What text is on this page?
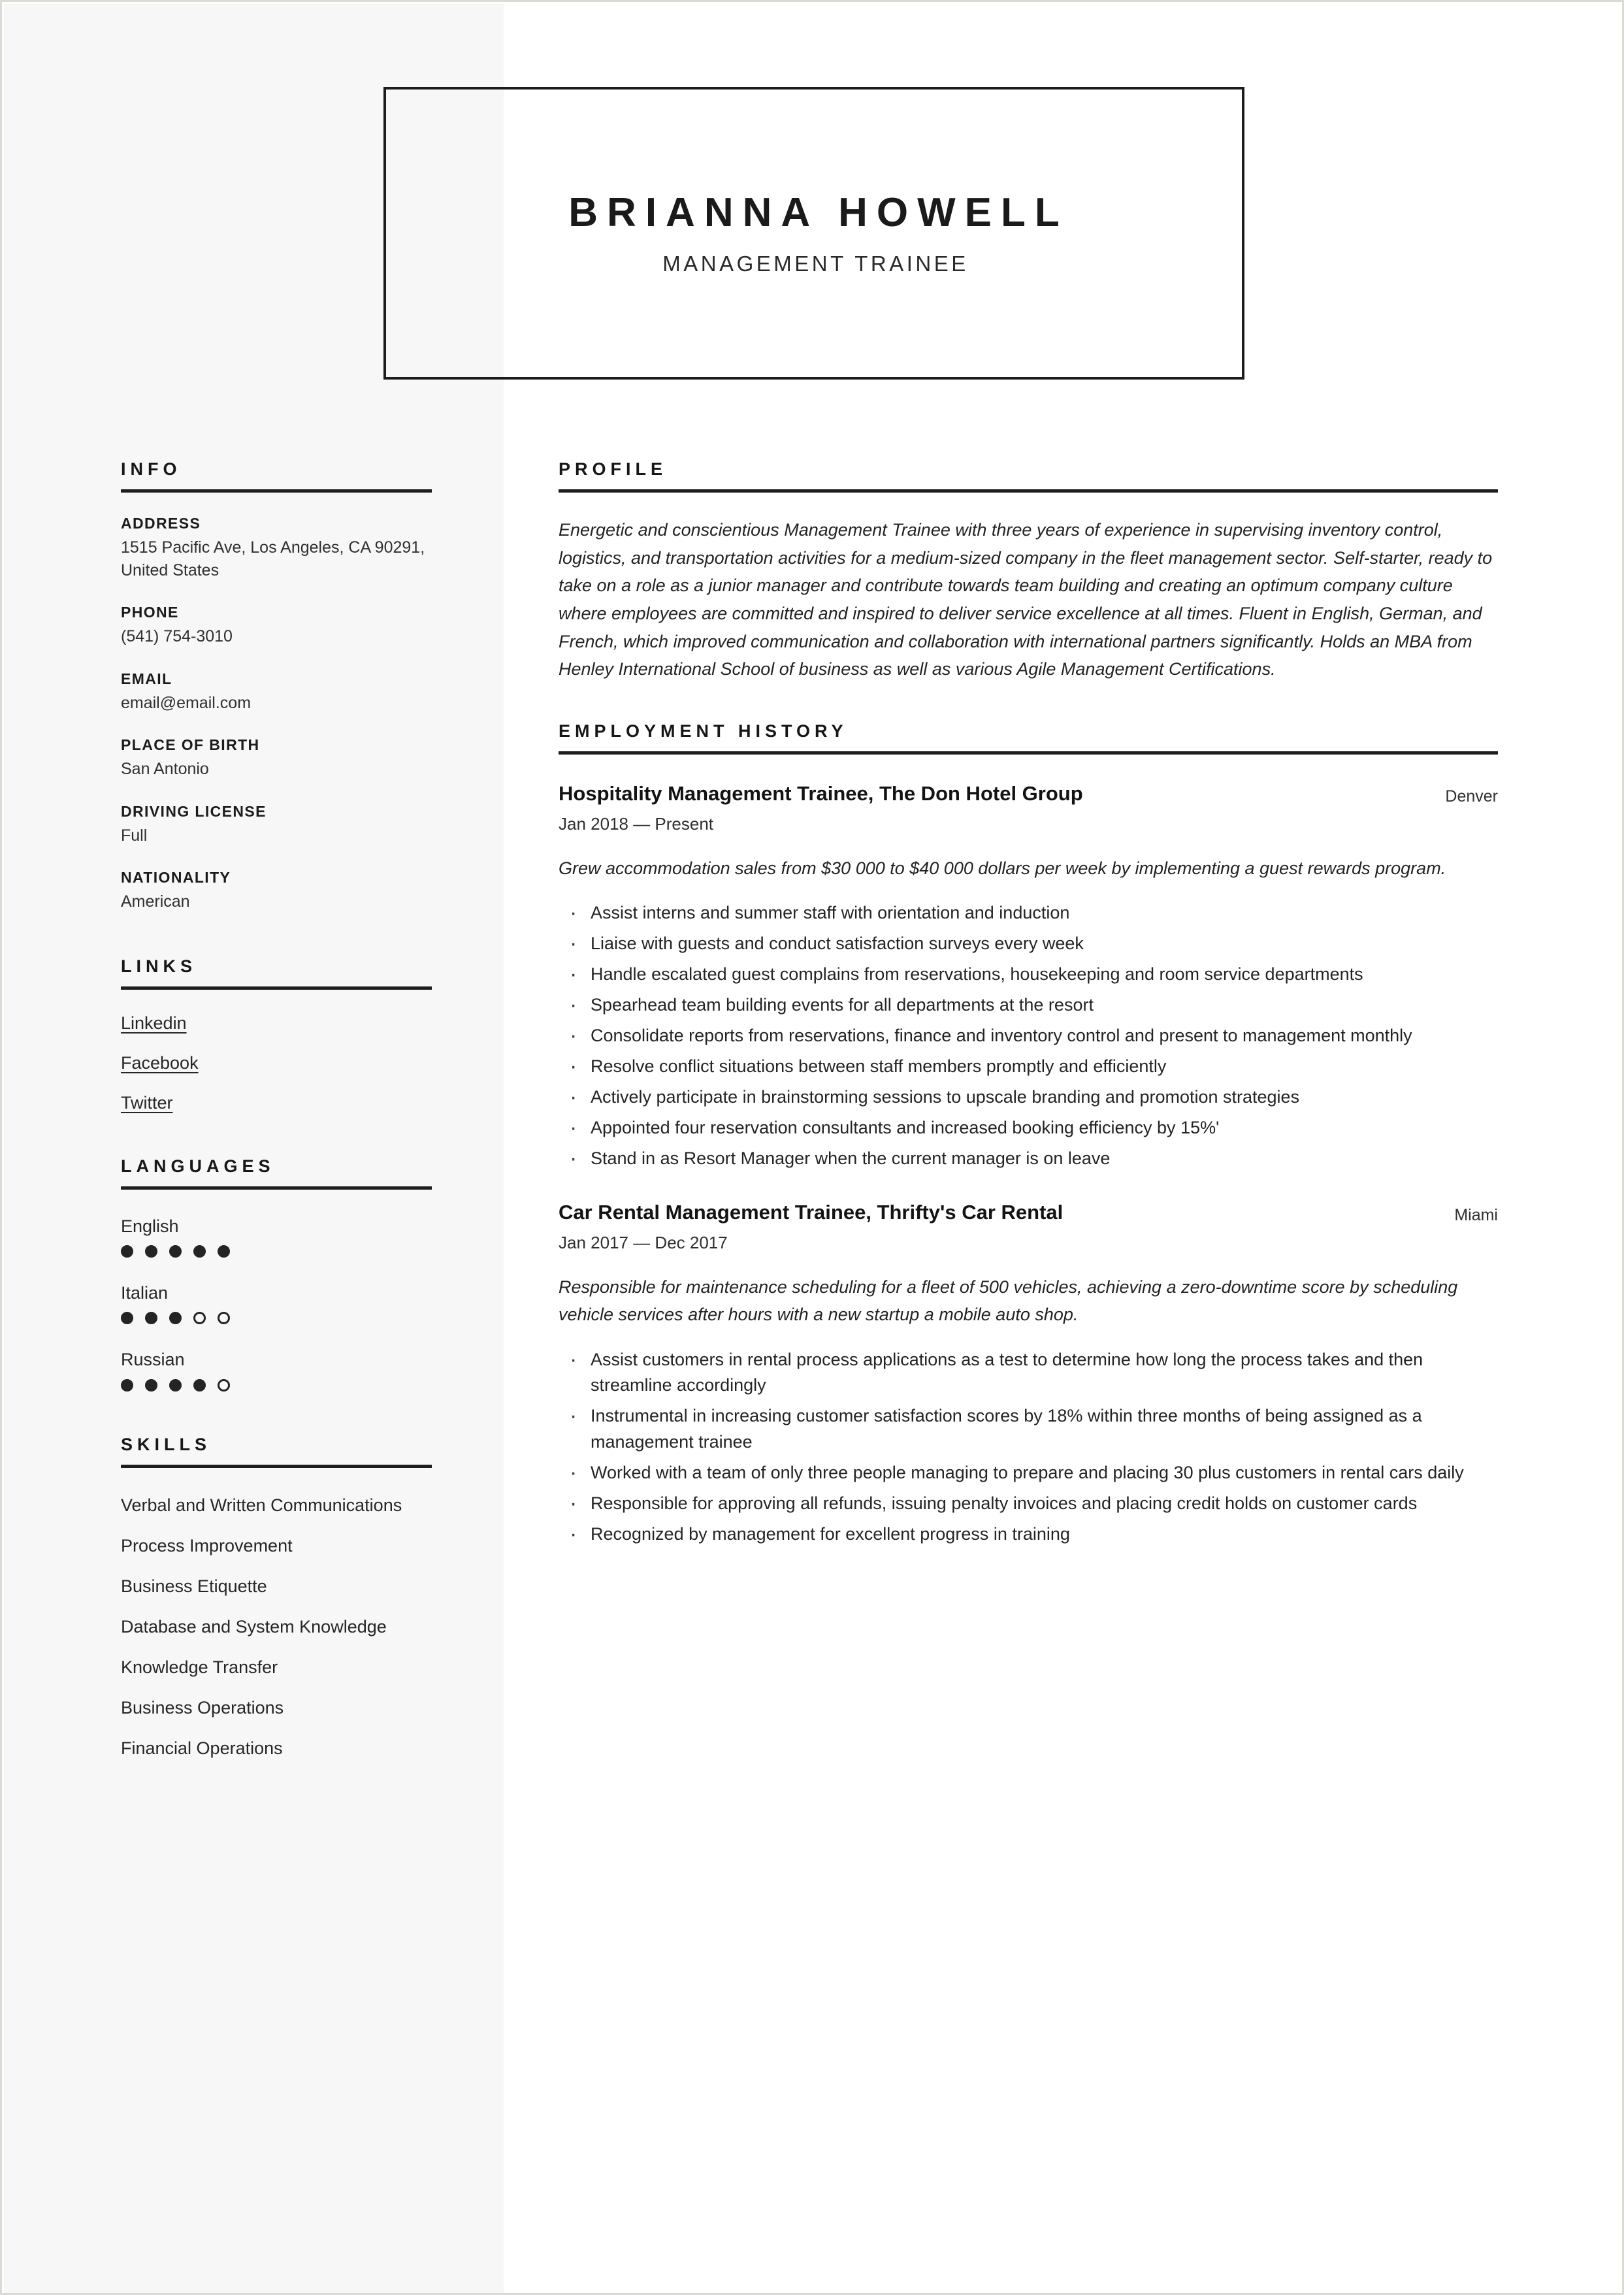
BRIANNA HOWELL
MANAGEMENT TRAINEE
INFO
ADDRESS
1515 Pacific Ave, Los Angeles, CA 90291, United States
PHONE
(541) 754-3010
EMAIL
email@email.com
PLACE OF BIRTH
San Antonio
DRIVING LICENSE
Full
NATIONALITY
American
LINKS
Linkedin
Facebook
Twitter
LANGUAGES
English
Italian
Russian
SKILLS
Verbal and Written Communications
Process Improvement
Business Etiquette
Database and System Knowledge
Knowledge Transfer
Business Operations
Financial Operations
PROFILE

Energetic and conscientious Management Trainee with three years of experience in supervising inventory control, logistics, and transportation activities for a medium-sized company in the fleet management sector. Self-starter, ready to take on a role as a junior manager and contribute towards team building and creating an optimum company culture where employees are committed and inspired to deliver service excellence at all times. Fluent in English, German, and French, which improved communication and collaboration with international partners significantly. Holds an MBA from Henley International School of business as well as various Agile Management Certifications.

EMPLOYMENT HISTORY
Hospitality Management Trainee, The Don Hotel Group	Denver
Jan 2018 — Present

Grew accommodation sales from $30 000 to $40 000 dollars per week by implementing a guest rewards program.

· Assist interns and summer staff with orientation and induction
· Liaise with guests and conduct satisfaction surveys every week
· Handle escalated guest complains from reservations, housekeeping and room service departments
· Spearhead team building events for all departments at the resort
· Consolidate reports from reservations, finance and inventory control and present to management monthly
· Resolve conflict situations between staff members promptly and efficiently
· Actively participate in brainstorming sessions to upscale branding and promotion strategies
· Appointed four reservation consultants and increased booking efficiency by 15%'
· Stand in as Resort Manager when the current manager is on leave
Car Rental Management Trainee, Thrifty's Car Rental	Miami
Jan 2017 — Dec 2017

Responsible for maintenance scheduling for a fleet of 500 vehicles, achieving a zero-downtime score by scheduling vehicle services after hours with a new startup a mobile auto shop.

· Assist customers in rental process applications as a test to determine how long the process takes and then streamline accordingly
· Instrumental in increasing customer satisfaction scores by 18% within three months of being assigned as a management trainee
· Worked with a team of only three people managing to prepare and placing 30 plus customers in rental cars daily
· Responsible for approving all refunds, issuing penalty invoices and placing credit holds on customer cards
· Recognized by management for excellent progress in training
